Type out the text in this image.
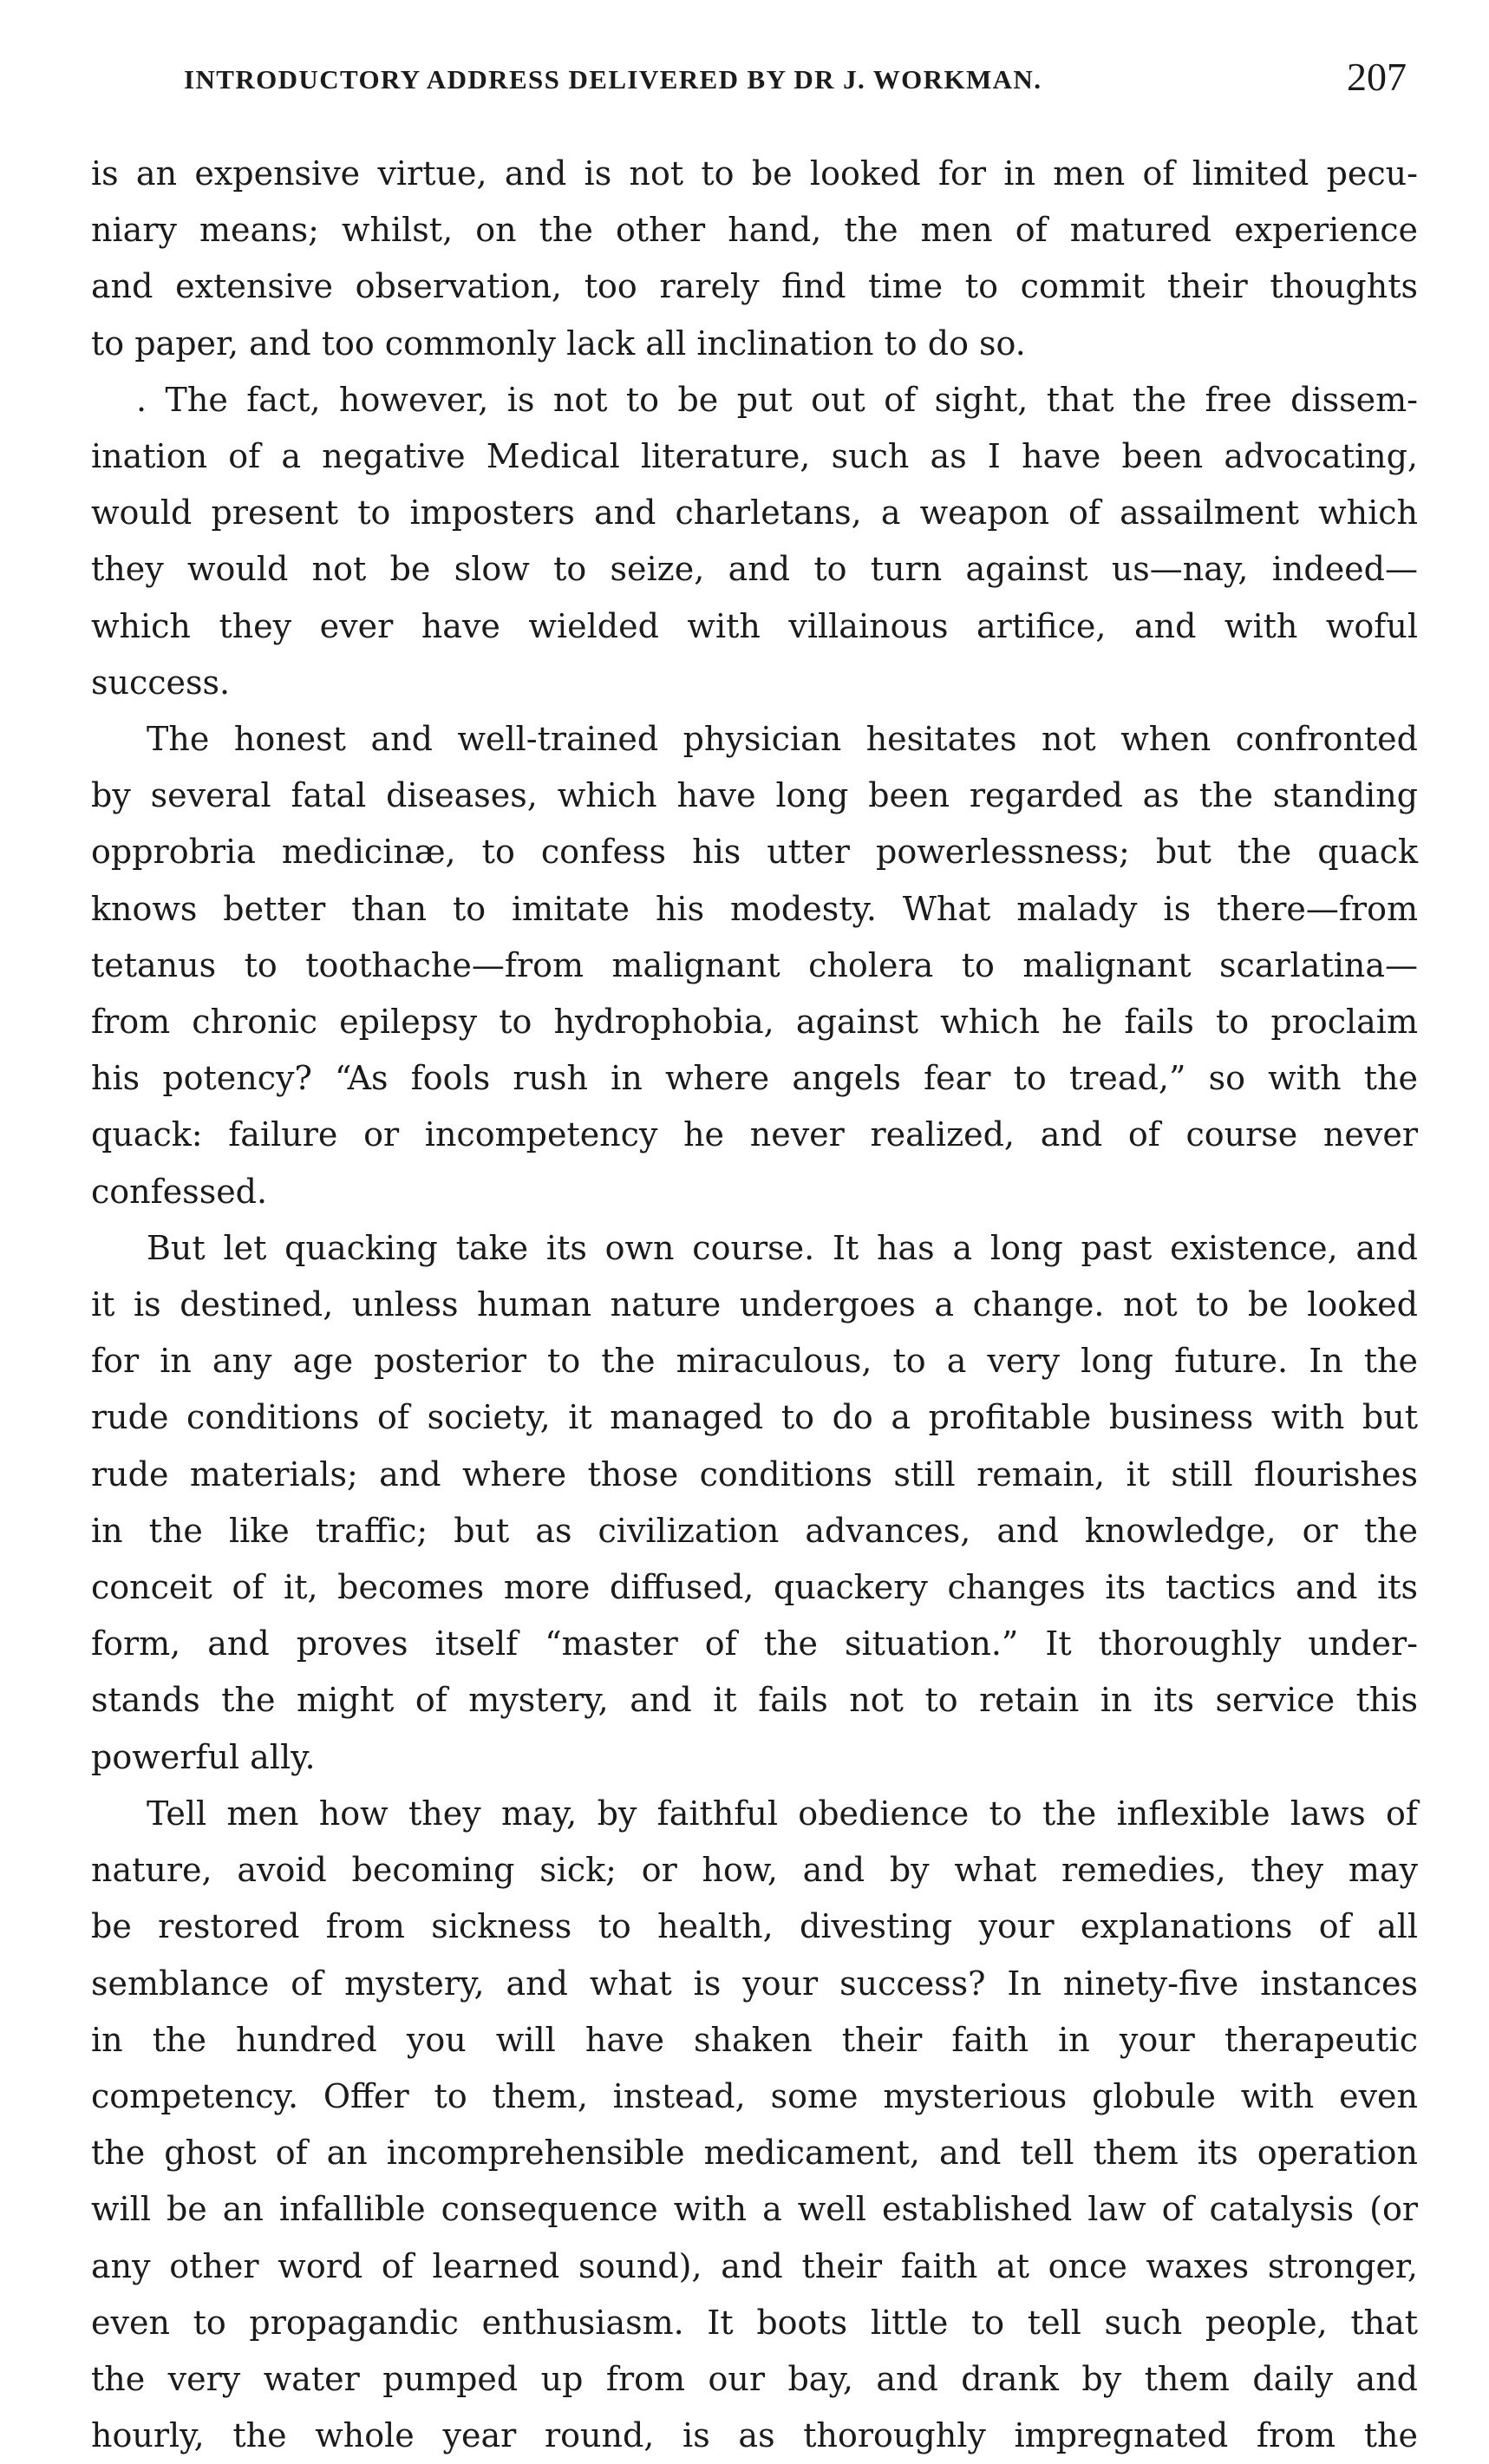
INTRODUCTORY ADDRESS DELIVERED BY DR J. WORKMAN.	207

is an expensive virtue, and is not to be looked for in men of limited pecu-
niary means; whilst, on the other hand, the men of matured experience
and extensive observation, too rarely find time to commit their thoughts
to paper, and too commonly lack all inclination to do so.

. The fact, however, is not to be put out of sight, that the free dissem-
ination of a negative Medical literature, such as I have been advocating,
would present to imposters and charletans, a weapon of assailment which
they would not be slow to seize, and to turn against us—nay, indeed—
which they ever have wielded with villainous artifice, and with woful
success.

The honest and well-trained physician hesitates not when confronted
by several fatal diseases, which have long been regarded as the standing
opprobria medicinæ, to confess his utter powerlessness; but the quack
knows better than to imitate his modesty. What malady is there—from
tetanus to toothache—from malignant cholera to malignant scarlatina—
from chronic epilepsy to hydrophobia, against which he fails to proclaim
his potency? “As fools rush in where angels fear to tread,” so with the
quack: failure or incompetency he never realized, and of course never
confessed.

But let quacking take its own course. It has a long past existence, and
it is destined, unless human nature undergoes a change. not to be looked
for in any age posterior to the miraculous, to a very long future. In the
rude conditions of society, it managed to do a profitable business with but
rude materials; and where those conditions still remain, it still flourishes
in the like traffic; but as civilization advances, and knowledge, or the
conceit of it, becomes more diffused, quackery changes its tactics and its
form, and proves itself “master of the situation.” It thoroughly under-
stands the might of mystery, and it fails not to retain in its service this
powerful ally.

Tell men how they may, by faithful obedience to the inflexible laws of
nature, avoid becoming sick; or how, and by what remedies, they may
be restored from sickness to health, divesting your explanations of all
semblance of mystery, and what is your success? In ninety-five instances
in the hundred you will have shaken their faith in your therapeutic
competency. Offer to them, instead, some mysterious globule with even
the ghost of an incomprehensible medicament, and tell them its operation
will be an infallible consequence with a well established law of catalysis (or
any other word of learned sound), and their faith at once waxes stronger,
even to propagandic enthusiasm. It boots little to tell such people, that
the very water pumped up from our bay, and drank by them daily and
hourly, the whole year round, is as thoroughly impregnated from the
